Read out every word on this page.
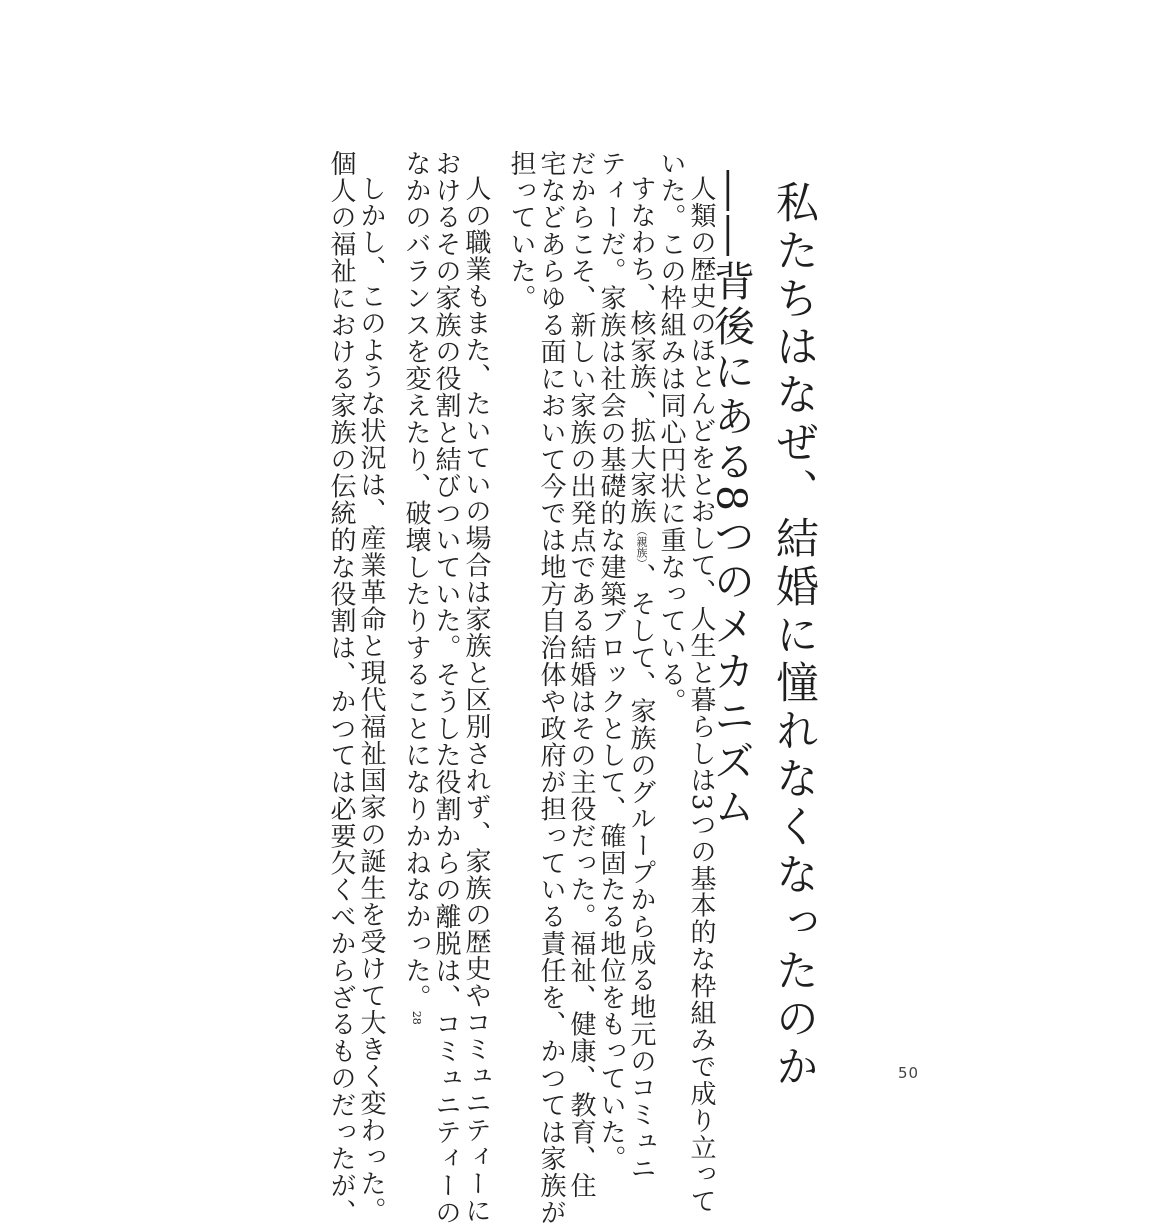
私たちはなぜ、結婚に憧れなくなったのか
――背後にある8つのメカニズム
人類の歴史のほとんどをとおして、人生と暮らしは3つの基本的な枠組みで成り立って
いた。この枠組みは同心円状に重なっている。
すなわち、核家族、拡大家族（親族）、そして、家族のグループから成る地元のコミュニ
ティーだ。家族は社会の基礎的な建築ブロックとして、確固たる地位をもっていた。
だからこそ、新しい家族の出発点である結婚はその主役だった。福祉、健康、教育、住
宅などあらゆる面において今では地方自治体や政府が担っている責任を、かつては家族が
担っていた。
人の職業もまた、たいていの場合は家族と区別されず、家族の歴史やコミュニティーに
おけるその家族の役割と結びついていた。そうした役割からの離脱は、コミュニティーの
なかのバランスを変えたり、破壊したりすることになりかねなかった。28
しかし、このような状況は、産業革命と現代福祉国家の誕生を受けて大きく変わった。
個人の福祉における家族の伝統的な役割は、かつては必要欠くべからざるものだったが、	50
